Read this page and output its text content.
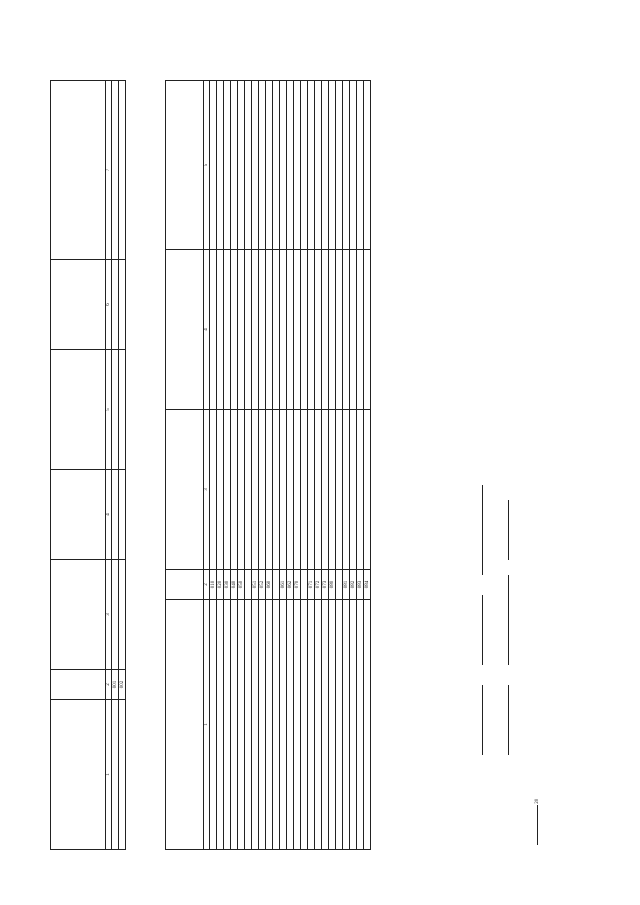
1	2	3	4	5	6	7
	001					
	002					

1	2	3	4	5
	010			
	020			
	030			
	040			
	050			

	051			
	052			
	060			

	061			
	062			
	070			

	071			
	072			
	073			
	080			

	081			
	082			
	083			
	084			
20
